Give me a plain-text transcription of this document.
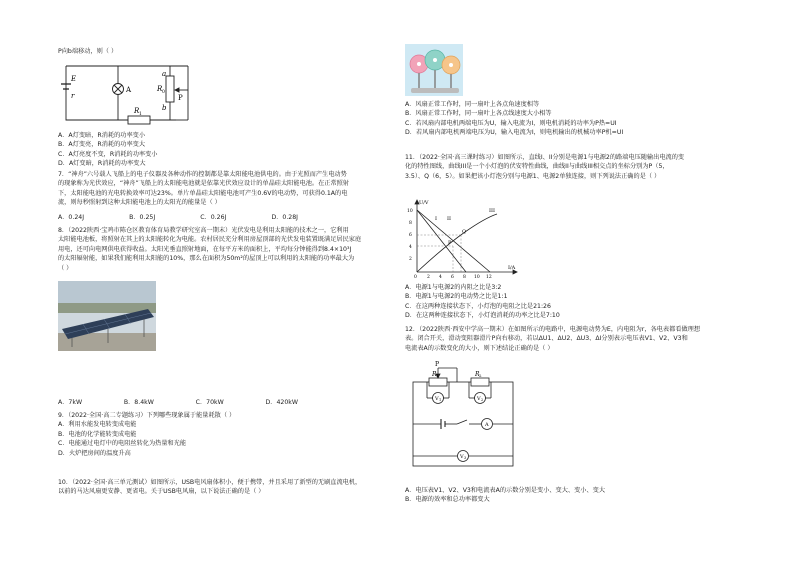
P向b端移动，则（ ）
E
r
A
R 1
R 0
a
b
P
A．A灯变暗，R消耗的功率变小
B．A灯变亮，R消耗的功率变大
C．A灯亮度不变，R消耗的功率变小
D．A灯变暗，R消耗的功率变大
7．“神舟”六号载人飞船上的电子仪器及各种动作的控制都是靠太阳能电池供电的。由于光照而产生电动势
的现象称为光伏效应，“神舟”飞船上的太阳能电池就是依靠光伏效应设计的单晶硅太阳能电池。在正常照射
下，太阳能电池的光电转换效率可达23%。单片单晶硅太阳能电池可产生0.6V的电动势，可获得0.1A的电
流，则每秒照射到这种太阳能电池上的太阳光的能量是（ ）
A．0.24J	B．0.25J	C．0.26J	D．0.28J
8．（2022陕西·宝鸡市陈仓区教育体育局教学研究室高一期末）光伏发电是利用太阳能的技术之一，它利用
太阳能电池板，将照射在其上的太阳能转化为电能。农村居民充分利用房屋顶部的光伏发电装置既满足居民家庭
用电，还可向电网供电获得收益。太阳光垂直照射地面，在每平方米的面积上，平均每分钟能得到8.4×10³J
的太阳辐射能，如果我们能利用太阳能的10%，那么在面积为50m²的屋顶上可以利用的太阳能的功率最大为
（ ）
A．7kW	B．8.4kW	C．70kW	D．420kW
9．（2022·全国·高二专题练习）下列哪些现象属于能量耗散（ ）
A．利用水能发电转变成电能
B．电池的化学能转变成电能
C．电能通过电灯中的电阻丝转化为热量和光能
D．火炉把房间的温度升高
10．（2022·全国·高三单元测试）如图所示，USB电风扇体积小，便于携带，并且采用了新型的无刷直流电机，
以前的马达风扇更安静、更省电。关于USB电风扇，以下说法正确的是（ ）
A．风扇正常工作时，同一扇叶上各点角速度相等
B．风扇正常工作时，同一扇叶上各点线速度大小相等
C．若风扇内部电机两端电压为U，输入电流为I，则电机消耗的功率为P热=UI
D．若风扇内部电机两端电压为U，输入电流为I，则电机输出的机械功率P机=UI
11．（2022·全国·高三课时练习）如图所示，直线I、II分别是电源1与电源2的路端电压随输出电流的变
化的特性图线，曲线III是一个小灯泡的伏安特性曲线，曲线II与曲线III相交点的坐标分别为P（5，
3.5）、Q（6，5）。如果把该小灯泡分别与电源1、电源2单独连接，则下列说法正确的是（ ）
U/V
I/A
10
8
6
4
2
0 2 4 6 8 10 12
I II
III
P
Q
A．电源1与电源2的内阻之比是3:2
B．电源1与电源2的电动势之比是1:1
C．在这两种连接状态下，小灯泡的电阻之比是21:26
D．在这两种连接状态下，小灯泡消耗的功率之比是7:10
12．（2022陕西·西安中学高一期末）在如图所示的电路中，电源电动势为E，内电阻为r，各电表都看做理想
表。闭合开关，滑动变阻器滑片P向右移动，若以ΔU1、ΔU2、ΔU3、ΔI分别表示电压表V1、V2、V3和
电流表A的示数变化的大小，则下述结论正确的是（ ）
P
R 1	R 2
V 1	V 2
A
V 3
A．电压表V1、V2、V3和电流表A的示数分别是变小、变大、变小、变大
B．电源的效率和总功率都变大
